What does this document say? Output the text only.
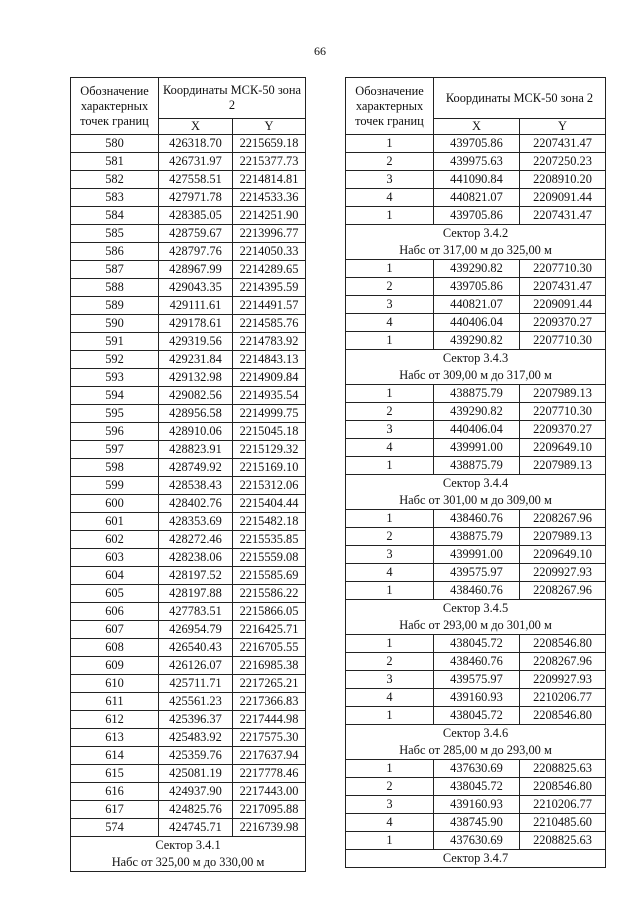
66
Обозначение характерных точек границ	Координаты МСК-50 зона 2	
	X	Y
580	426318.70	2215659.18
581	426731.97	2215377.73
582	427558.51	2214814.81
583	427971.78	2214533.36
584	428385.05	2214251.90
585	428759.67	2213996.77
586	428797.76	2214050.33
587	428967.99	2214289.65
588	429043.35	2214395.59
589	429111.61	2214491.57
590	429178.61	2214585.76
591	429319.56	2214783.92
592	429231.84	2214843.13
593	429132.98	2214909.84
594	429082.56	2214935.54
595	428956.58	2214999.75
596	428910.06	2215045.18
597	428823.91	2215129.32
598	428749.92	2215169.10
599	428538.43	2215312.06
600	428402.76	2215404.44
601	428353.69	2215482.18
602	428272.46	2215535.85
603	428238.06	2215559.08
604	428197.52	2215585.69
605	428197.88	2215586.22
606	427783.51	2215866.05
607	426954.79	2216425.71
608	426540.43	2216705.55
609	426126.07	2216985.38
610	425711.71	2217265.21
611	425561.23	2217366.83
612	425396.37	2217444.98
613	425483.92	2217575.30
614	425359.76	2217637.94
615	425081.19	2217778.46
616	424937.90	2217443.00
617	424825.76	2217095.88
574	424745.71	2216739.98
Сектор 3.4.1		
Набс от 325,00 м до 330,00 м		
Обозначение характерных точек границ	Координаты МСК-50 зона 2	
	X	Y
1	439705.86	2207431.47
2	439975.63	2207250.23
3	441090.84	2208910.20
4	440821.07	2209091.44
1	439705.86	2207431.47
Сектор 3.4.2		
Набс от 317,00 м до 325,00 м		
1	439290.82	2207710.30
2	439705.86	2207431.47
3	440821.07	2209091.44
4	440406.04	2209370.27
1	439290.82	2207710.30
Сектор 3.4.3		
Набс от 309,00 м до 317,00 м		
1	438875.79	2207989.13
2	439290.82	2207710.30
3	440406.04	2209370.27
4	439991.00	2209649.10
1	438875.79	2207989.13
Сектор 3.4.4		
Набс от 301,00 м до 309,00 м		
1	438460.76	2208267.96
2	438875.79	2207989.13
3	439991.00	2209649.10
4	439575.97	2209927.93
1	438460.76	2208267.96
Сектор 3.4.5		
Набс от 293,00 м до 301,00 м		
1	438045.72	2208546.80
2	438460.76	2208267.96
3	439575.97	2209927.93
4	439160.93	2210206.77
1	438045.72	2208546.80
Сектор 3.4.6		
Набс от 285,00 м до 293,00 м		
1	437630.69	2208825.63
2	438045.72	2208546.80
3	439160.93	2210206.77
4	438745.90	2210485.60
1	437630.69	2208825.63
Сектор 3.4.7		
